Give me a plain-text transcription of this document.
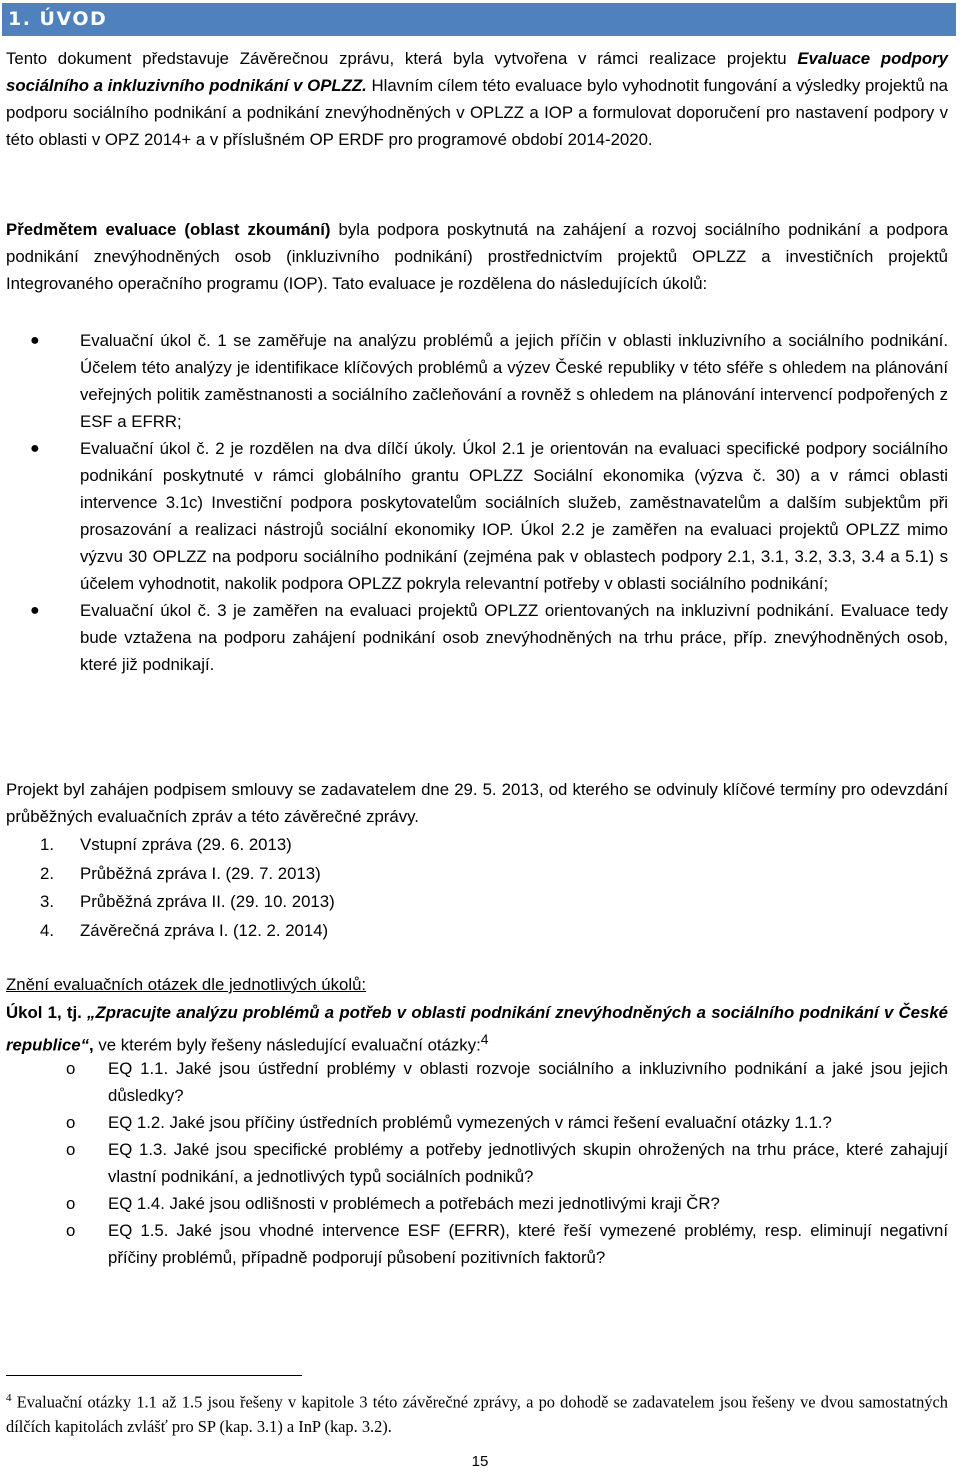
1. ÚVOD

Tento dokument představuje Závěrečnou zprávu, která byla vytvořena v rámci realizace projektu Evaluace podpory sociálního a inkluzivního podnikání v OPLZZ. Hlavním cílem této evaluace bylo vyhodnotit fungování a výsledky projektů na podporu sociálního podnikání a podnikání znevýhodněných v OPLZZ a IOP a formulovat doporučení pro nastavení podpory v této oblasti v OPZ 2014+ a v příslušném OP ERDF pro programové období 2014-2020.

Předmětem evaluace (oblast zkoumání) byla podpora poskytnutá na zahájení a rozvoj sociálního podnikání a podpora podnikání znevýhodněných osob (inkluzivního podnikání) prostřednictvím projektů OPLZZ a investičních projektů Integrovaného operačního programu (IOP). Tato evaluace je rozdělena do následujících úkolů:

● Evaluační úkol č. 1 se zaměřuje na analýzu problémů a jejich příčin v oblasti inkluzivního a sociálního podnikání. Účelem této analýzy je identifikace klíčových problémů a výzev České republiky v této sféře s ohledem na plánování veřejných politik zaměstnanosti a sociálního začleňování a rovněž s ohledem na plánování intervencí podpořených z ESF a EFRR;

● Evaluační úkol č. 2 je rozdělen na dva dílčí úkoly. Úkol 2.1 je orientován na evaluaci specifické podpory sociálního podnikání poskytnuté v rámci globálního grantu OPLZZ Sociální ekonomika (výzva č. 30) a v rámci oblasti intervence 3.1c) Investiční podpora poskytovatelům sociálních služeb, zaměstnavatelům a dalším subjektům při prosazování a realizaci nástrojů sociální ekonomiky IOP. Úkol 2.2 je zaměřen na evaluaci projektů OPLZZ mimo výzvu 30 OPLZZ na podporu sociálního podnikání (zejména pak v oblastech podpory 2.1, 3.1, 3.2, 3.3, 3.4 a 5.1) s účelem vyhodnotit, nakolik podpora OPLZZ pokryla relevantní potřeby v oblasti sociálního podnikání;

● Evaluační úkol č. 3 je zaměřen na evaluaci projektů OPLZZ orientovaných na inkluzivní podnikání. Evaluace tedy bude vztažena na podporu zahájení podnikání osob znevýhodněných na trhu práce, příp. znevýhodněných osob, které již podnikají.

Projekt byl zahájen podpisem smlouvy se zadavatelem dne 29. 5. 2013, od kterého se odvinuly klíčové termíny pro odevzdání průběžných evaluačních zpráv a této závěrečné zprávy.

1. Vstupní zpráva (29. 6. 2013)
2. Průběžná zpráva I. (29. 7. 2013)
3. Průběžná zpráva II. (29. 10. 2013)
4. Závěrečná zpráva I. (12. 2. 2014)

Znění evaluačních otázek dle jednotlivých úkolů:

Úkol 1, tj. „Zpracujte analýzu problémů a potřeb v oblasti podnikání znevýhodněných a sociálního podnikání v České republice“, ve kterém byly řešeny následující evaluační otázky:$^4$

o EQ 1.1. Jaké jsou ústřední problémy v oblasti rozvoje sociálního a inkluzivního podnikání a jaké jsou jejich důsledky?

o EQ 1.2. Jaké jsou příčiny ústředních problémů vymezených v rámci řešení evaluační otázky 1.1.?

o EQ 1.3. Jaké jsou specifické problémy a potřeby jednotlivých skupin ohrožených na trhu práce, které zahajují vlastní podnikání, a jednotlivých typů sociálních podniků?

o EQ 1.4. Jaké jsou odlišnosti v problémech a potřebách mezi jednotlivými kraji ČR?

o EQ 1.5. Jaké jsou vhodné intervence ESF (EFRR), které řeší vymezené problémy, resp. eliminují negativní příčiny problémů, případně podporují působení pozitivních faktorů?

$^4$ Evaluační otázky 1.1 až 1.5 jsou řešeny v kapitole 3 této závěrečné zprávy, a po dohodě se zadavatelem jsou řešeny ve dvou samostatných dílčích kapitolách zvlášť pro SP (kap. 3.1) a InP (kap. 3.2).

15
